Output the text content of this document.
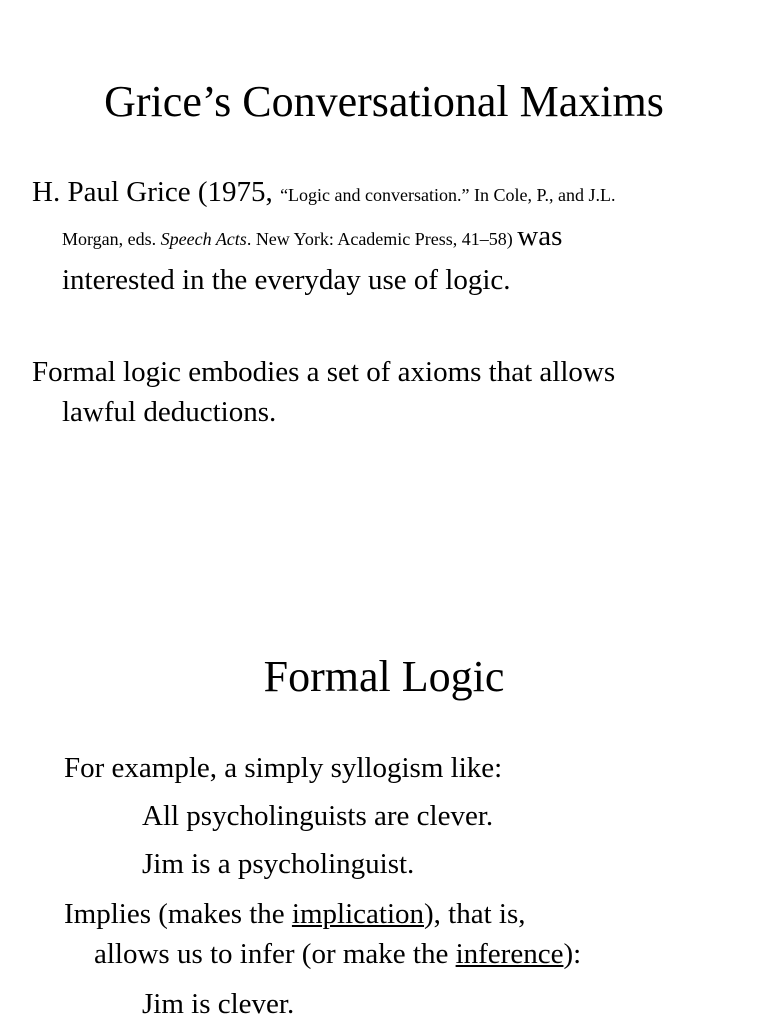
Grice’s Conversational Maxims
H. Paul Grice (1975, “Logic and conversation.” In Cole, P., and J.L.
Morgan, eds. Speech Acts. New York: Academic Press, 41–58) was
interested in the everyday use of logic.
Formal logic embodies a set of axioms that allows
lawful deductions.
Formal Logic
For example, a simply syllogism like:
All psycholinguists are clever.
Jim is a psycholinguist.
Implies (makes the implication), that is,
allows us to infer (or make the inference):
Jim is clever.
